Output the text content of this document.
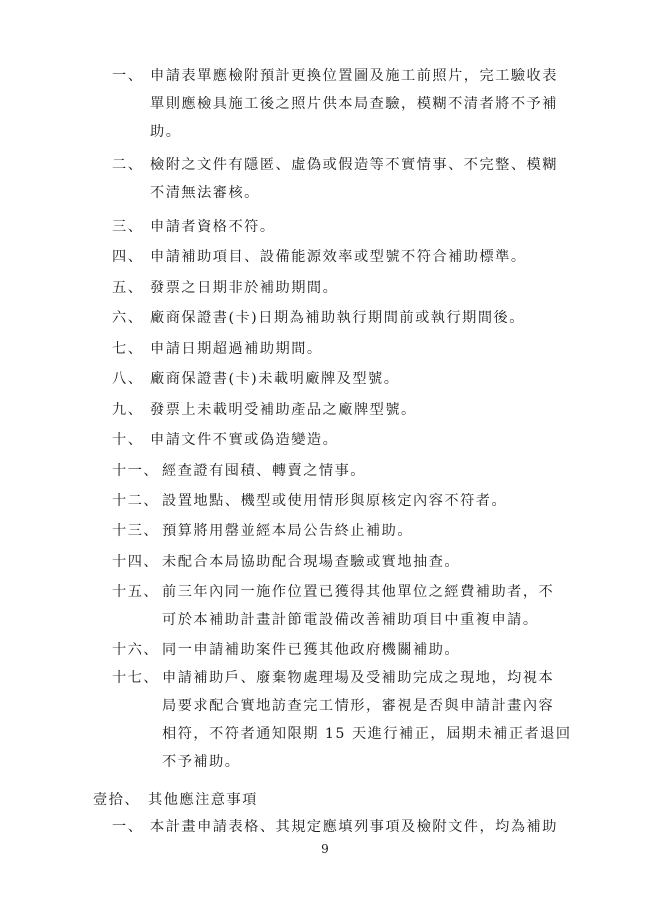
一、 申請表單應檢附預計更換位置圖及施工前照片，完工驗收表
單則應檢具施工後之照片供本局查驗，模糊不清者將不予補
助。
二、 檢附之文件有隱匿、虛偽或假造等不實情事、不完整、模糊
不清無法審核。
三、 申請者資格不符。
四、 申請補助項目、設備能源效率或型號不符合補助標準。
五、 發票之日期非於補助期間。
六、 廠商保證書(卡)日期為補助執行期間前或執行期間後。
七、 申請日期超過補助期間。
八、 廠商保證書(卡)未載明廠牌及型號。
九、 發票上未載明受補助產品之廠牌型號。
十、 申請文件不實或偽造變造。
十一、 經查證有囤積、轉賣之情事。
十二、 設置地點、機型或使用情形與原核定內容不符者。
十三、 預算將用罄並經本局公告終止補助。
十四、 未配合本局協助配合現場查驗或實地抽查。
十五、 前三年內同一施作位置已獲得其他單位之經費補助者，不
可於本補助計畫計節電設備改善補助項目中重複申請。
十六、 同一申請補助案件已獲其他政府機關補助。
十七、 申請補助戶、廢棄物處理場及受補助完成之現地，均視本
局要求配合實地訪查完工情形，審視是否與申請計畫內容
相符，不符者通知限期 15 天進行補正，屆期未補正者退回
不予補助。
壹拾、 其他應注意事項
一、 本計畫申請表格、其規定應填列事項及檢附文件，均為補助
9
